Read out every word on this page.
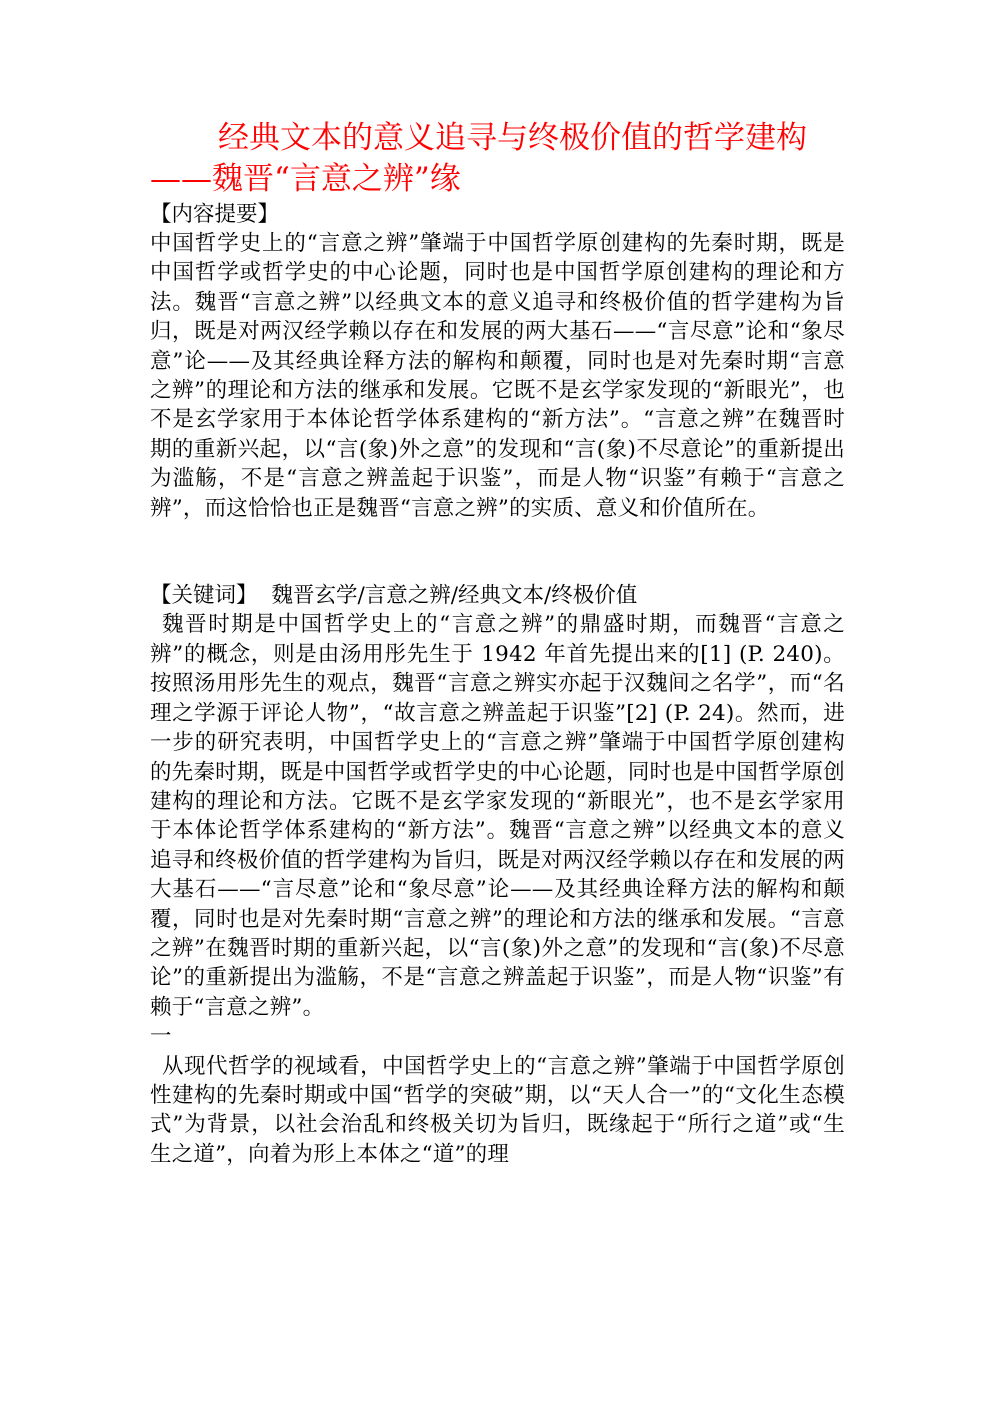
经典文本的意义追寻与终极价值的哲学建构——魏晋“言意之辨”缘

【内容提要】

中国哲学史上的“言意之辨”肇端于中国哲学原创建构的先秦时期，既是中国哲学或哲学史的中心论题，同时也是中国哲学原创建构的理论和方法。魏晋“言意之辨”以经典文本的意义追寻和终极价值的哲学建构为旨归，既是对两汉经学赖以存在和发展的两大基石——“言尽意”论和“象尽意”论——及其经典诠释方法的解构和颠覆，同时也是对先秦时期“言意之辨”的理论和方法的继承和发展。它既不是玄学家发现的“新眼光”，也不是玄学家用于本体论哲学体系建构的“新方法”。“言意之辨”在魏晋时期的重新兴起，以“言(象)外之意”的发现和“言(象)不尽意论”的重新提出为滥觞，不是“言意之辨盖起于识鉴”，而是人物“识鉴”有赖于“言意之辨”，而这恰恰也正是魏晋“言意之辨”的实质、意义和价值所在。

【关键词】 魏晋玄学/言意之辨/经典文本/终极价值

魏晋时期是中国哲学史上的“言意之辨”的鼎盛时期，而魏晋“言意之辨”的概念，则是由汤用彤先生于 1942 年首先提出来的[1] (P. 240)。按照汤用彤先生的观点，魏晋“言意之辨实亦起于汉魏间之名学”，而“名理之学源于评论人物”，“故言意之辨盖起于识鉴”[2] (P. 24)。然而，进一步的研究表明，中国哲学史上的“言意之辨”肇端于中国哲学原创建构的先秦时期，既是中国哲学或哲学史的中心论题，同时也是中国哲学原创建构的理论和方法。它既不是玄学家发现的“新眼光”，也不是玄学家用于本体论哲学体系建构的“新方法”。魏晋“言意之辨”以经典文本的意义追寻和终极价值的哲学建构为旨归，既是对两汉经学赖以存在和发展的两大基石——“言尽意”论和“象尽意”论——及其经典诠释方法的解构和颠覆，同时也是对先秦时期“言意之辨”的理论和方法的继承和发展。“言意之辨”在魏晋时期的重新兴起，以“言(象)外之意”的发现和“言(象)不尽意论”的重新提出为滥觞，不是“言意之辨盖起于识鉴”，而是人物“识鉴”有赖于“言意之辨”。

一

从现代哲学的视域看，中国哲学史上的“言意之辨”肇端于中国哲学原创性建构的先秦时期或中国“哲学的突破”期，以“天人合一”的“文化生态模式”为背景，以社会治乱和终极关切为旨归，既缘起于“所行之道”或“生生之道”，向着为形上本体之“道”的理
